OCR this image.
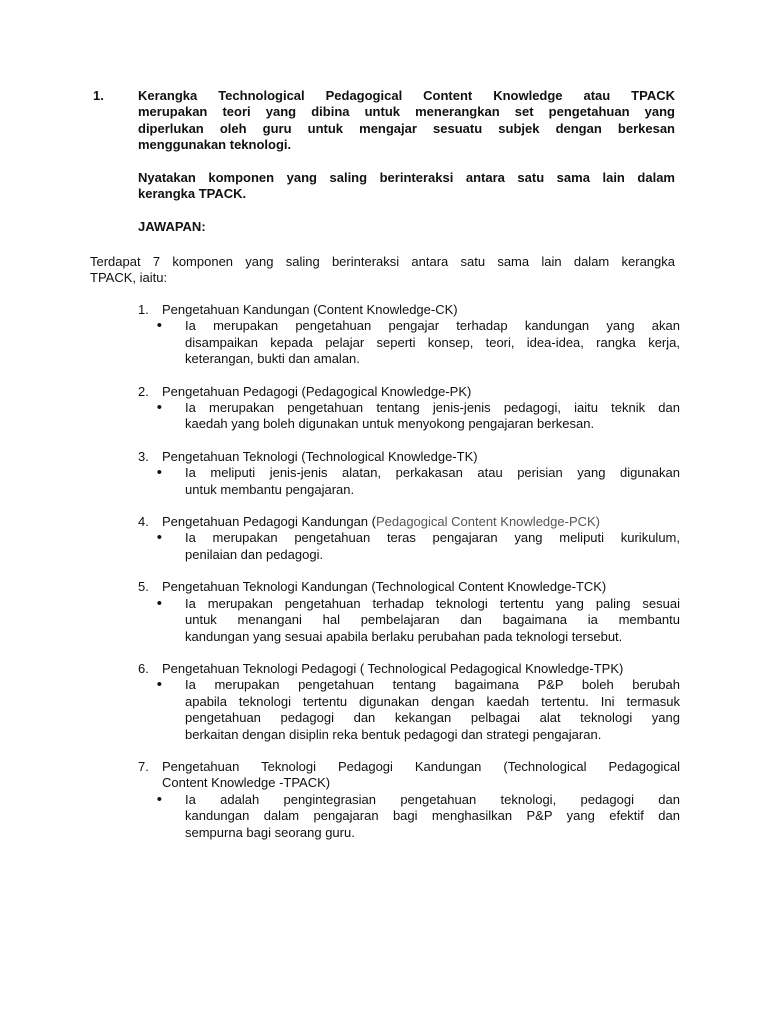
1.	Kerangka Technological Pedagogical Content Knowledge atau TPACK
merupakan teori yang dibina untuk menerangkan set pengetahuan yang
diperlukan oleh guru untuk mengajar sesuatu subjek dengan berkesan
menggunakan teknologi.
Nyatakan komponen yang saling berinteraksi antara satu sama lain dalam
kerangka TPACK.
JAWAPAN:
Terdapat 7 komponen yang saling berinteraksi antara satu sama lain dalam kerangka
TPACK, iaitu:
1.	Pengetahuan Kandungan (Content Knowledge-CK)
•	Ia merupakan pengetahuan pengajar terhadap kandungan yang akan
disampaikan kepada pelajar seperti konsep, teori, idea-idea, rangka kerja,
keterangan, bukti dan amalan.
2.	Pengetahuan Pedagogi (Pedagogical Knowledge-PK)
•	Ia merupakan pengetahuan tentang jenis-jenis pedagogi, iaitu teknik dan
kaedah yang boleh digunakan untuk menyokong pengajaran berkesan.
3.	Pengetahuan Teknologi (Technological Knowledge-TK)
•	Ia meliputi jenis-jenis alatan, perkakasan atau perisian yang digunakan
untuk membantu pengajaran.
4.	Pengetahuan Pedagogi Kandungan (Pedagogical Content Knowledge-PCK)
•	Ia merupakan pengetahuan teras pengajaran yang meliputi kurikulum,
penilaian dan pedagogi.
5.	Pengetahuan Teknologi Kandungan (Technological Content Knowledge-TCK)
•	Ia merupakan pengetahuan terhadap teknologi tertentu yang paling sesuai
untuk menangani hal pembelajaran dan bagaimana ia membantu
kandungan yang sesuai apabila berlaku perubahan pada teknologi tersebut.
6.	Pengetahuan Teknologi Pedagogi ( Technological Pedagogical Knowledge-TPK)
•	Ia merupakan pengetahuan tentang bagaimana P&P boleh berubah
apabila teknologi tertentu digunakan dengan kaedah tertentu. Ini termasuk
pengetahuan pedagogi dan kekangan pelbagai alat teknologi yang
berkaitan dengan disiplin reka bentuk pedagogi dan strategi pengajaran.
7.	Pengetahuan Teknologi Pedagogi Kandungan (Technological Pedagogical
Content Knowledge -TPACK)
•	Ia adalah pengintegrasian pengetahuan teknologi, pedagogi dan
kandungan dalam pengajaran bagi menghasilkan P&P yang efektif dan
sempurna bagi seorang guru.
